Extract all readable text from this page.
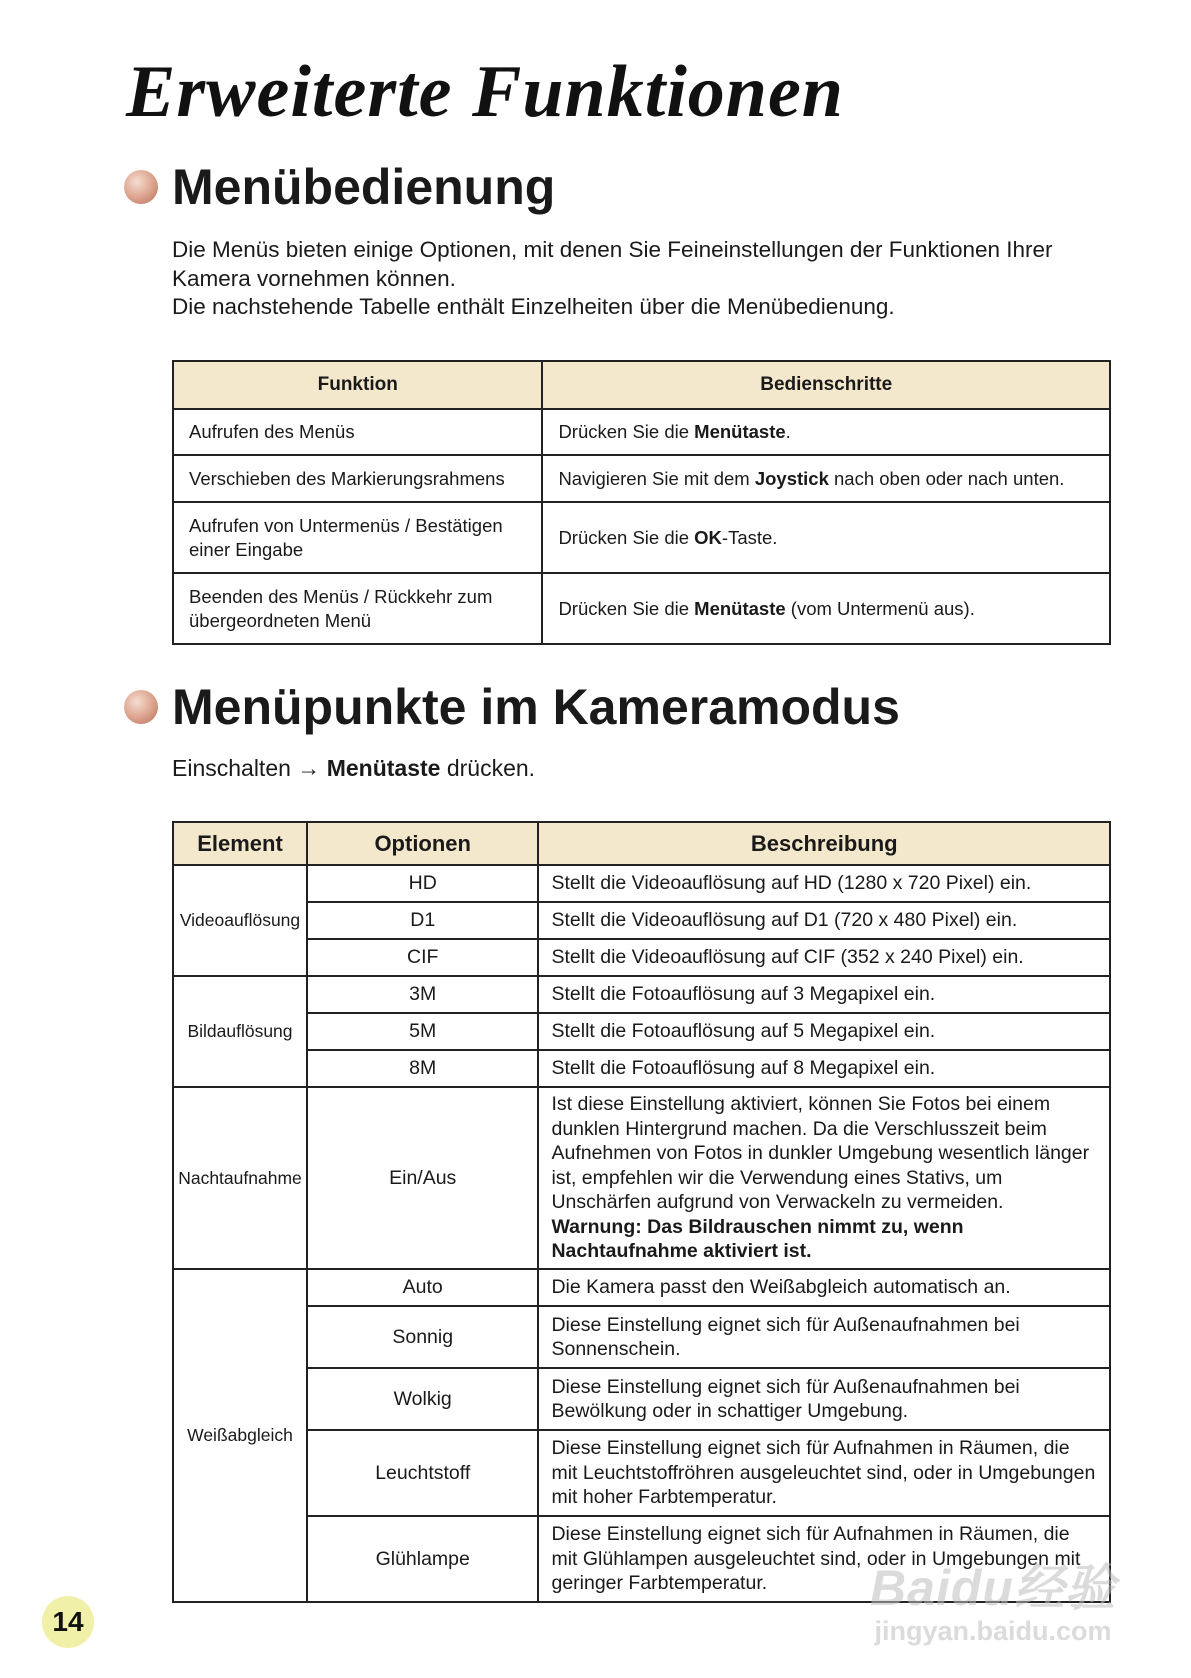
Erweiterte Funktionen
Menübedienung

Die Menüs bieten einige Optionen, mit denen Sie Feineinstellungen der Funktionen Ihrer Kamera vornehmen können.

Die nachstehende Tabelle enthält Einzelheiten über die Menübedienung.

Funktion	Bedienschritte
Aufrufen des Menüs	Drücken Sie die Menütaste.
Verschieben des Markierungsrahmens	Navigieren Sie mit dem Joystick nach oben oder nach unten.
Aufrufen von Untermenüs / Bestätigen einer Eingabe	Drücken Sie die OK-Taste.
Beenden des Menüs / Rückkehr zum übergeordneten Menü	Drücken Sie die Menütaste (vom Untermenü aus).
Menüpunkte im Kameramodus

Einschalten → Menütaste drücken.

Element	Optionen	Beschreibung
Videoauflösung	HD	Stellt die Videoauflösung auf HD (1280 x 720 Pixel) ein.
	D1	Stellt die Videoauflösung auf D1 (720 x 480 Pixel) ein.
	CIF	Stellt die Videoauflösung auf CIF (352 x 240 Pixel) ein.
Bildauflösung	3M	Stellt die Fotoauflösung auf 3 Megapixel ein.
	5M	Stellt die Fotoauflösung auf 5 Megapixel ein.
	8M	Stellt die Fotoauflösung auf 8 Megapixel ein.
Nachtaufnahme	Ein/Aus	Ist diese Einstellung aktiviert, können Sie Fotos bei einem dunklen Hintergrund machen. Da die Verschlusszeit beim Aufnehmen von Fotos in dunkler Umgebung wesentlich länger ist, empfehlen wir die Verwendung eines Stativs, um Unschärfen aufgrund von Verwackeln zu vermeiden. Warnung: Das Bildrauschen nimmt zu, wenn Nachtaufnahme aktiviert ist.
Weißabgleich	Auto	Die Kamera passt den Weißabgleich automatisch an.
	Sonnig	Diese Einstellung eignet sich für Außenaufnahmen bei Sonnenschein.
	Wolkig	Diese Einstellung eignet sich für Außenaufnahmen bei Bewölkung oder in schattiger Umgebung.
	Leuchtstoff	Diese Einstellung eignet sich für Aufnahmen in Räumen, die mit Leuchtstoffröhren ausgeleuchtet sind, oder in Umgebungen mit hoher Farbtemperatur.
	Glühlampe	Diese Einstellung eignet sich für Aufnahmen in Räumen, die mit Glühlampen ausgeleuchtet sind, oder in Umgebungen mit geringer Farbtemperatur.
14
Baidu经验
jingyan.baidu.com
